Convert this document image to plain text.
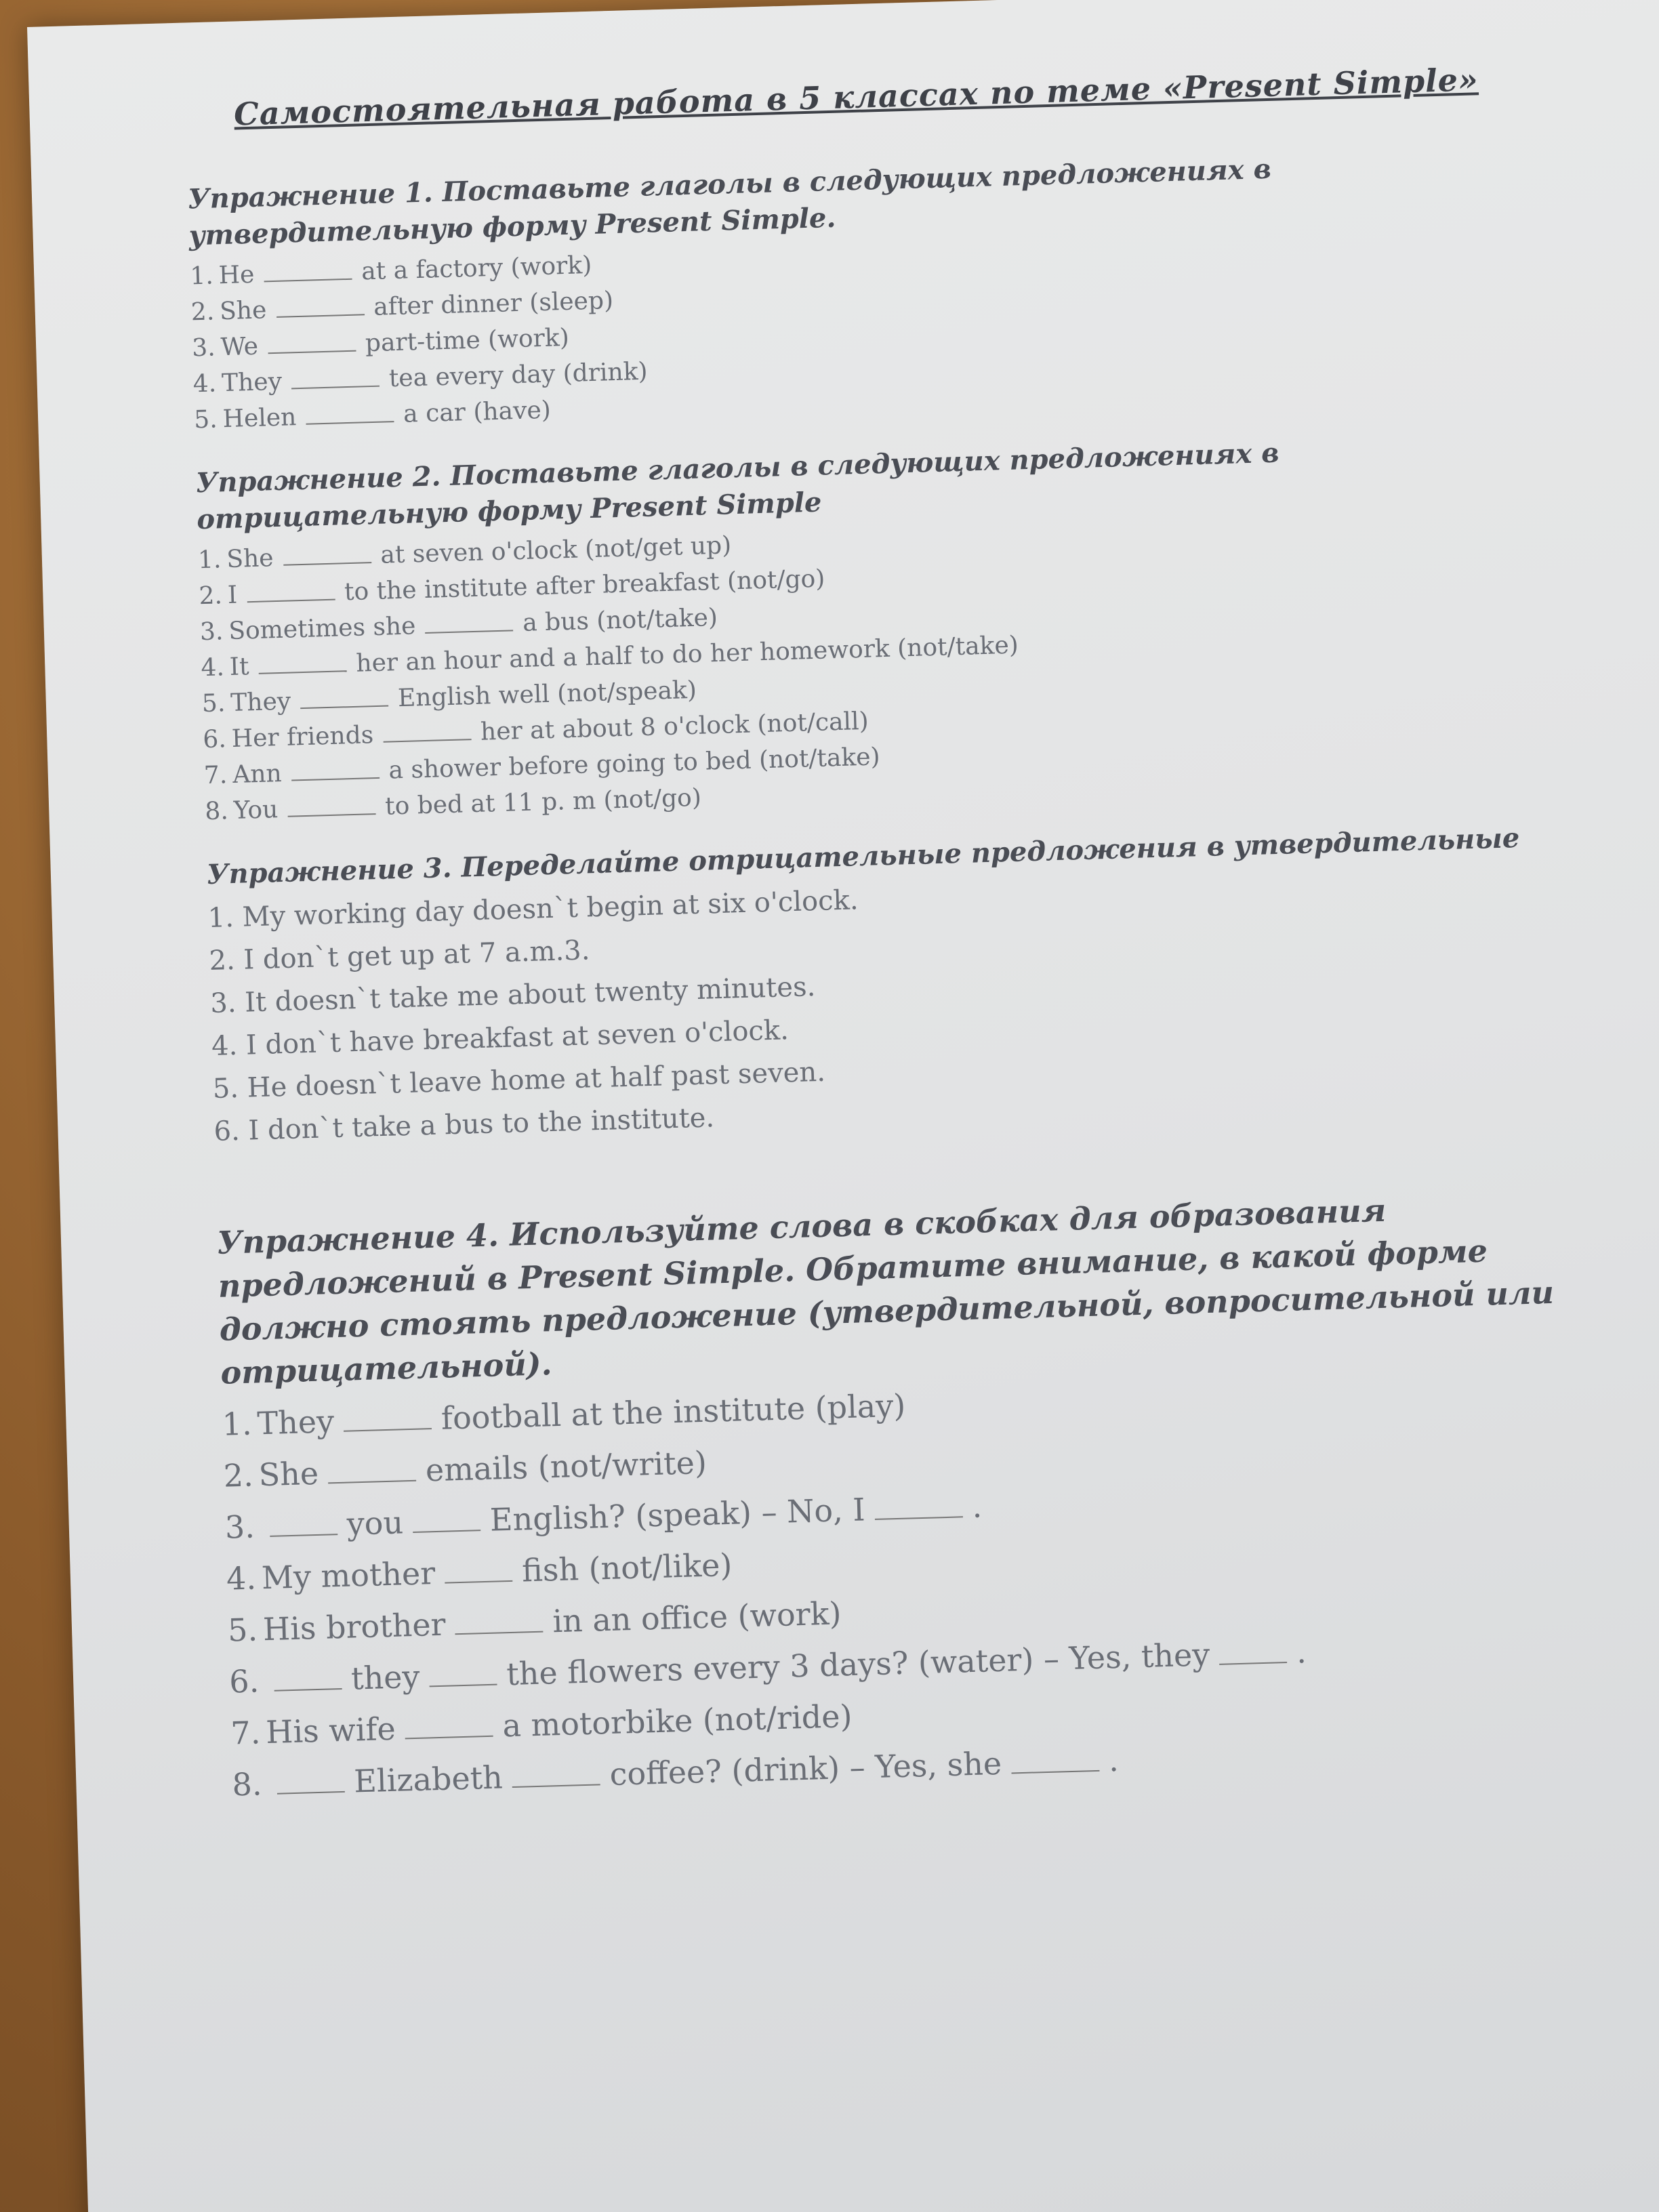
Самостоятельная работа в 5 классах по теме «Present Simple»
Упражнение 1. Поставьте глаголы в следующих предложениях в утвердительную форму Present Simple.
1. He	at a factory (work)
2. She	after dinner (sleep)
3. We	part-time (work)
4. They	tea every day (drink)
5. Helen	a car (have)
Упражнение 2. Поставьте глаголы в следующих предложениях в отрицательную форму Present Simple
1. She	at seven o'clock (not/get up)
2. I	to the institute after breakfast (not/go)
3. Sometimes she	a bus (not/take)
4. It	her an hour and a half to do her homework (not/take)
5. They	English well (not/speak)
6. Her friends	her at about 8 o'clock (not/call)
7. Ann	a shower before going to bed (not/take)
8. You	to bed at 11 p. m (not/go)
Упражнение 3. Переделайте отрицательные предложения в утвердительные
1. My working day doesn`t begin at six o'clock.
2. I don`t get up at 7 a.m.3.
3. It doesn`t take me about twenty minutes.
4. I don`t have breakfast at seven o'clock.
5. He doesn`t leave home at half past seven.
6. I don`t take a bus to the institute.
Упражнение 4. Используйте слова в скобках для образования предложений в Present Simple. Обратите внимание, в какой форме должно стоять предложение (утвердительной, вопросительной или отрицательной).
1. They	football at the institute (play)
2. She	emails (not/write)
3.	you	English? (speak) – No, I	.
4. My mother	fish (not/like)
5. His brother	in an office (work)
6.	they	the flowers every 3 days? (water) – Yes, they	.
7. His wife	a motorbike (not/ride)
8.	Elizabeth	coffee? (drink) – Yes, she	.
